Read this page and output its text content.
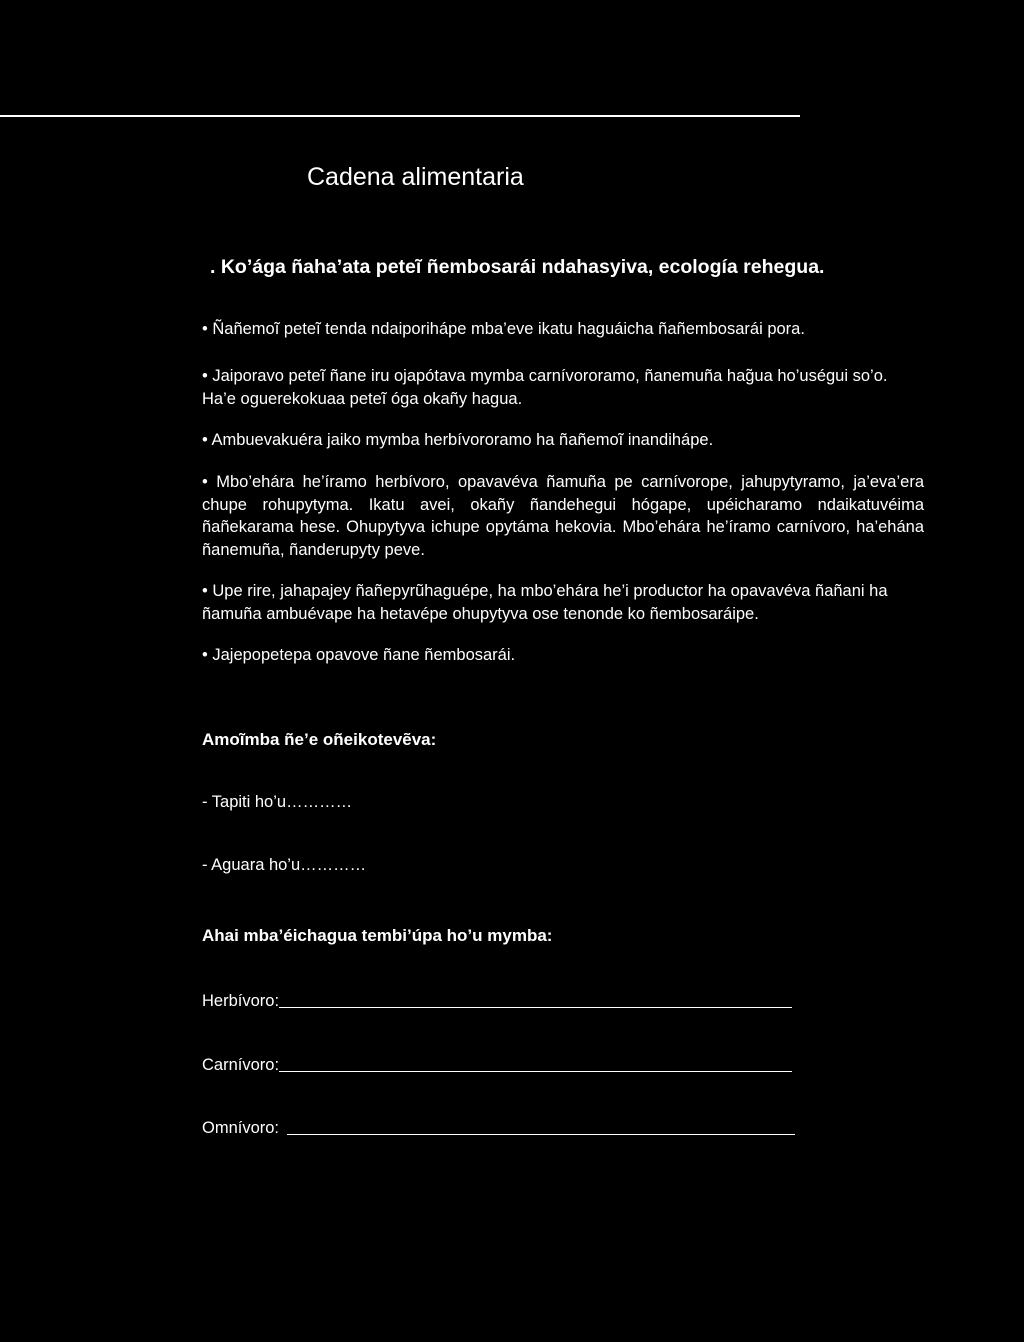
Cadena alimentaria
. Ko’ága ñaha’ata peteĩ ñembosarái ndahasyiva, ecología rehegua.

• Ñañemoĩ peteĩ tenda ndaiporihápe mba’eve ikatu haguáicha ñañembosarái pora.

• Jaiporavo peteĩ ñane iru ojapótava mymba carnívororamo, ñanemuña hag̃ua ho’uségui so’o. Ha’e oguerekokuaa peteĩ óga okañy hagua.

• Ambuevakuéra jaiko mymba herbívororamo ha ñañemoĩ inandihápe.

• Mbo’ehára he’íramo herbívoro, opavavéva ñamuña pe carnívorope, jahupytyramo, ja’eva’era chupe rohupytyma. Ikatu avei, okañy ñandehegui hógape, upéicharamo ndaikatuvéima ñañekarama hese. Ohupytyva ichupe opytáma hekovia. Mbo’ehára he’íramo carnívoro, ha’ehána ñanemuña, ñanderupyty peve.

• Upe rire, jahapajey ñañepyrũhaguépe, ha mbo’ehára he’i productor ha opavavéva ñañani ha ñamuña ambuévape ha hetavépe ohupytyva ose tenonde ko ñembosaráipe.

• Jajepopetepa opavove ñane ñembosarái.

Amoĩmba ñe’e oñeikotevẽva:

- Tapiti ho’u…………

- Aguara ho’u…………

Ahai mba’éichagua tembi’úpa ho’u mymba:
Herbívoro:
Carnívoro:
Omnívoro:
